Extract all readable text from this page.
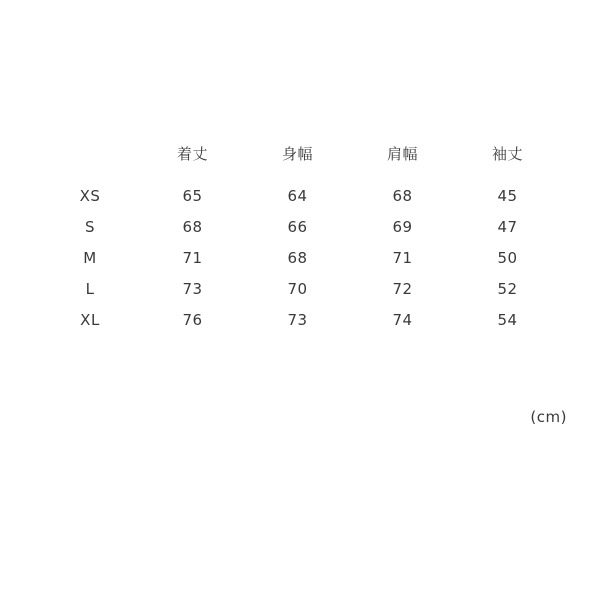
	着丈	身幅	肩幅	袖丈
XS	65	64	68	45
S	68	66	69	47
M	71	68	71	50
L	73	70	72	52
XL	76	73	74	54
(cm)
